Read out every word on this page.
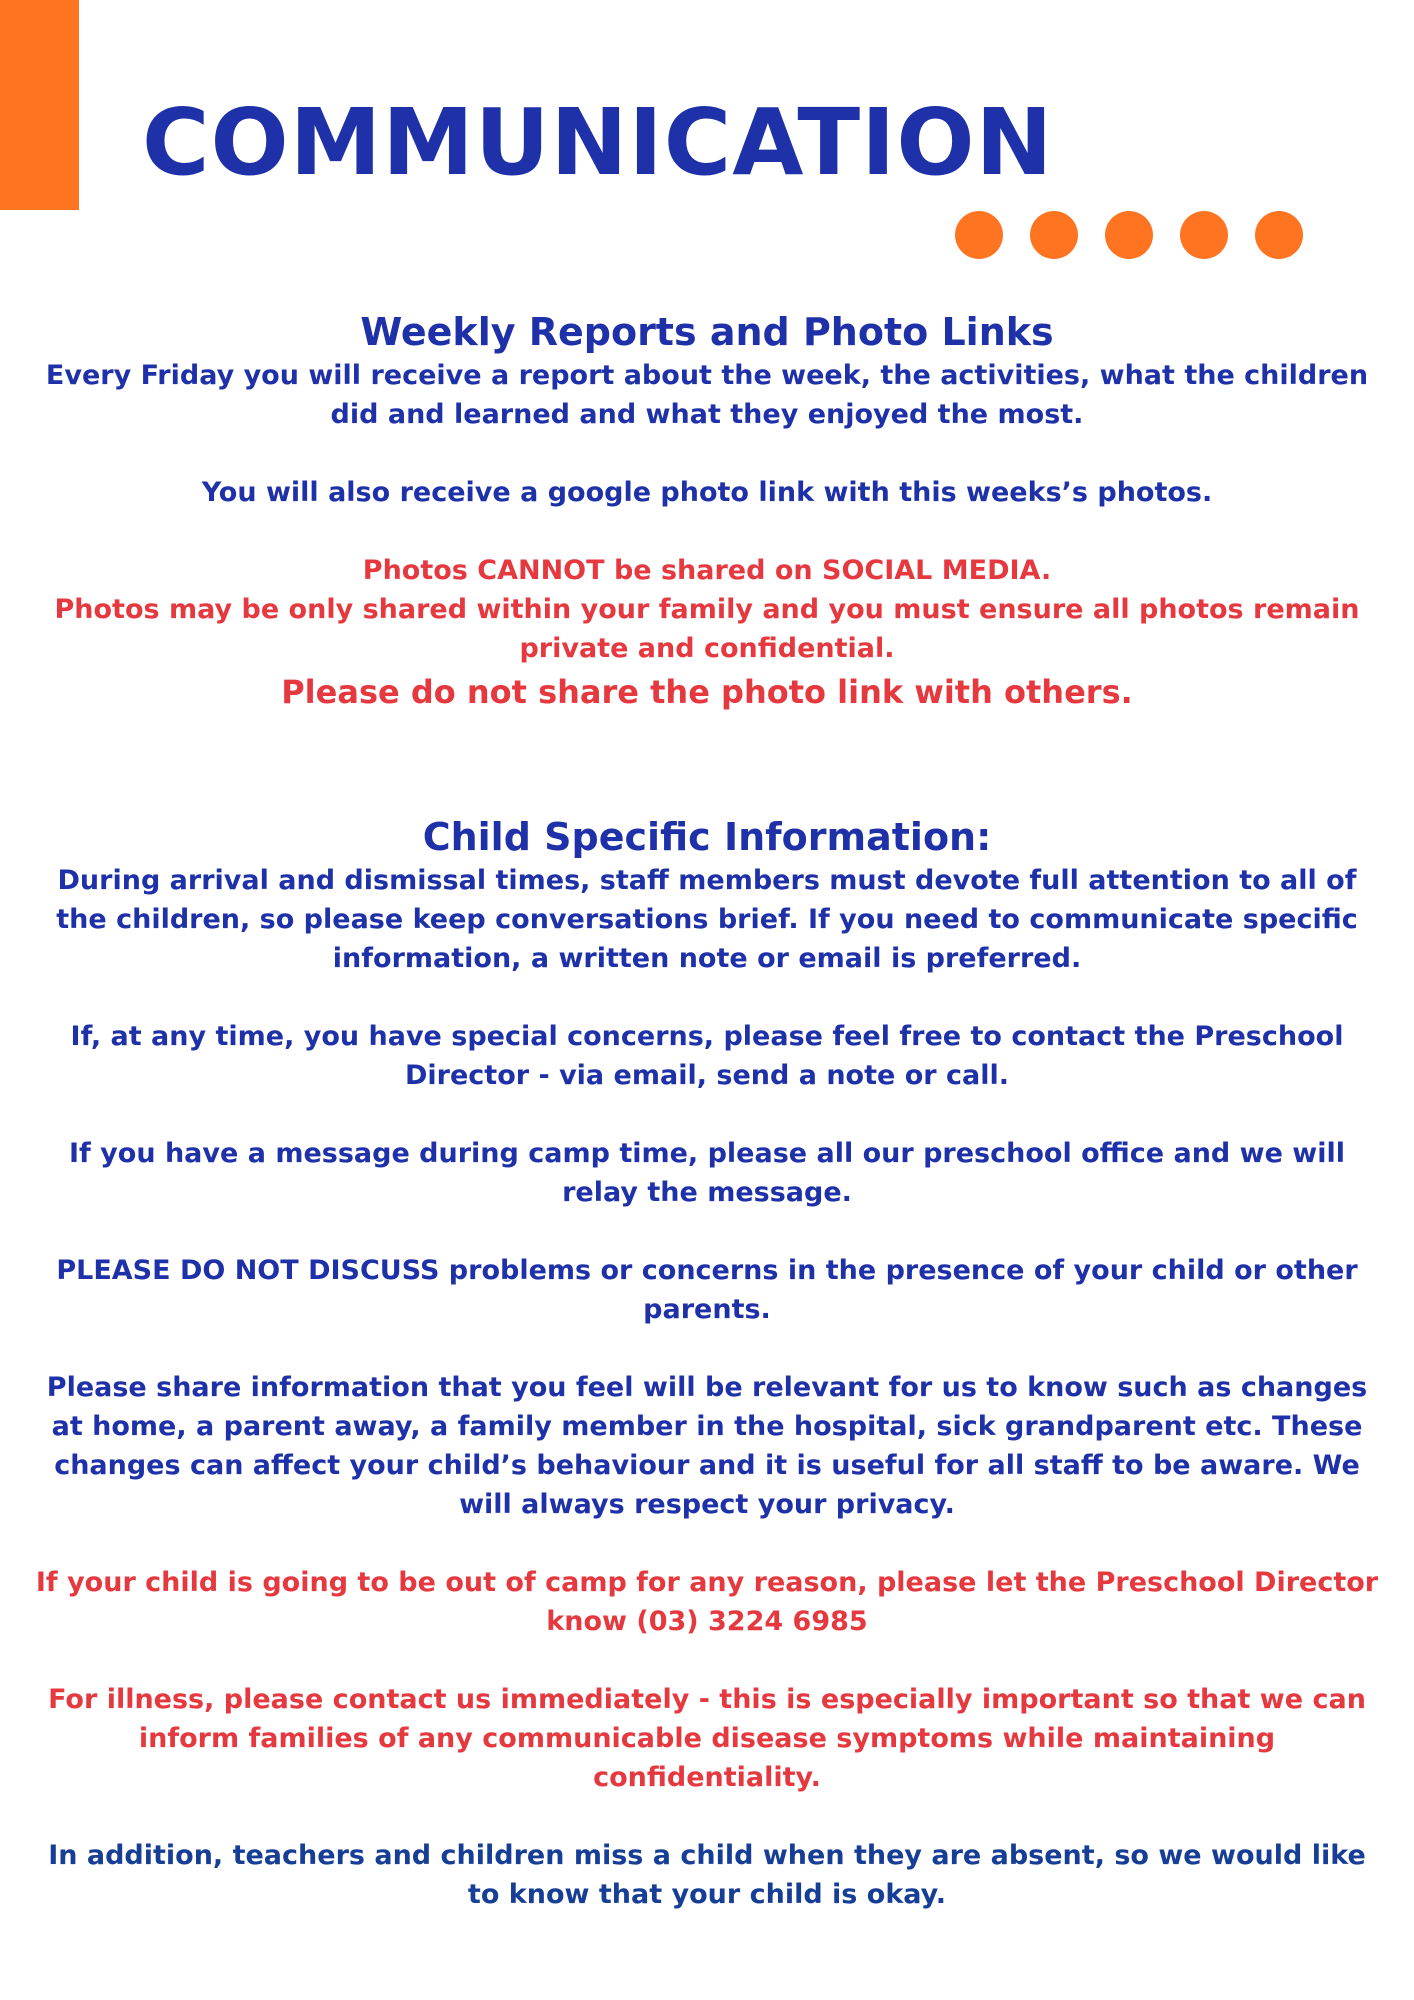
COMMUNICATION
Weekly Reports and Photo Links

Every Friday you will receive a report about the week, the activities, what the children did and learned and what they enjoyed the most.

You will also receive a google photo link with this weeks’s photos.

Photos CANNOT be shared on SOCIAL MEDIA.

Photos may be only shared within your family and you must ensure all photos remain private and confidential.

Please do not share the photo link with others.

Child Specific Information:

During arrival and dismissal times, staff members must devote full attention to all of the children, so please keep conversations brief. If you need to communicate specific information, a written note or email is preferred.

If, at any time, you have special concerns, please feel free to contact the Preschool Director - via email, send a note or call.

If you have a message during camp time, please all our preschool office and we will relay the message.

PLEASE DO NOT DISCUSS problems or concerns in the presence of your child or other parents.

Please share information that you feel will be relevant for us to know such as changes at home, a parent away, a family member in the hospital, sick grandparent etc. These changes can affect your child’s behaviour and it is useful for all staff to be aware. We will always respect your privacy.

If your child is going to be out of camp for any reason, please let the Preschool Director know (03) 3224 6985

For illness, please contact us immediately - this is especially important so that we can inform families of any communicable disease symptoms while maintaining confidentiality.

In addition, teachers and children miss a child when they are absent, so we would like to know that your child is okay.
